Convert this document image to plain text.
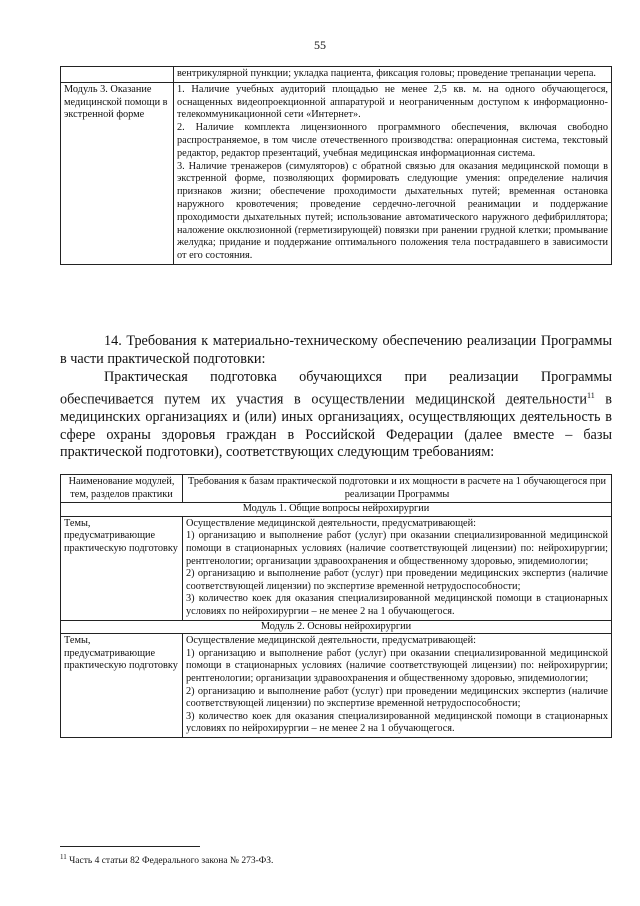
55
	вентрикулярной пункции; укладка пациента, фиксация головы; проведение трепанации черепа.
Модуль 3. Оказание медицинской помощи в экстренной форме	1. Наличие учебных аудиторий площадью не менее 2,5 кв. м. на одного обучающегося, оснащенных видеопроекционной аппаратурой и неограниченным доступом к информационно-телекоммуникационной сети «Интернет».

2. Наличие комплекта лицензионного программного обеспечения, включая свободно распространяемое, в том числе отечественного производства: операционная система, текстовый редактор, редактор презентаций, учебная медицинская информационная система.

3. Наличие тренажеров (симуляторов) с обратной связью для оказания медицинской помощи в экстренной форме, позволяющих формировать следующие умения: определение наличия признаков жизни; обеспечение проходимости дыхательных путей; временная остановка наружного кровотечения; проведение сердечно-легочной реанимации и поддержание проходимости дыхательных путей; использование автоматического наружного дефибриллятора; наложение окклюзионной (герметизирующей) повязки при ранении грудной клетки; промывание желудка; придание и поддержание оптимального положения тела пострадавшего в зависимости от его состояния.

14. Требования к материально-техническому обеспечению реализации Программы в части практической подготовки:
Практическая подготовка обучающихся при реализации Программы обеспечивается путем их участия в осуществлении медицинской деятельности$^{11}$ в медицинских организациях и (или) иных организациях, осуществляющих деятельность в сфере охраны здоровья граждан в Российской Федерации (далее вместе – базы практической подготовки), соответствующих следующим требованиям:
Наименование модулей, тем, разделов практики	Требования к базам практической подготовки и их мощности в расчете на 1 обучающегося при реализации Программы
Модуль 1. Общие вопросы нейрохирургии	
Темы, предусматривающие практическую подготовку	Осуществление медицинской деятельности, предусматривающей:

1) организацию и выполнение работ (услуг) при оказании специализированной медицинской помощи в стационарных условиях (наличие соответствующей лицензии) по: нейрохирургии; рентгенологии; организации здравоохранения и общественному здоровью, эпидемиологии;

2) организацию и выполнение работ (услуг) при проведении медицинских экспертиз (наличие соответствующей лицензии) по экспертизе временной нетрудоспособности;

3) количество коек для оказания специализированной медицинской помощи в стационарных условиях по нейрохирургии – не менее 2 на 1 обучающегося.

Модуль 2. Основы нейрохирургии	
Темы, предусматривающие практическую подготовку	Осуществление медицинской деятельности, предусматривающей:

1) организацию и выполнение работ (услуг) при оказании специализированной медицинской помощи в стационарных условиях (наличие соответствующей лицензии) по: нейрохирургии; рентгенологии; организации здравоохранения и общественному здоровью, эпидемиологии;

2) организацию и выполнение работ (услуг) при проведении медицинских экспертиз (наличие соответствующей лицензии) по экспертизе временной нетрудоспособности;

3) количество коек для оказания специализированной медицинской помощи в стационарных условиях по нейрохирургии – не менее 2 на 1 обучающегося.

$^{11}$ Часть 4 статьи 82 Федерального закона № 273-ФЗ.
